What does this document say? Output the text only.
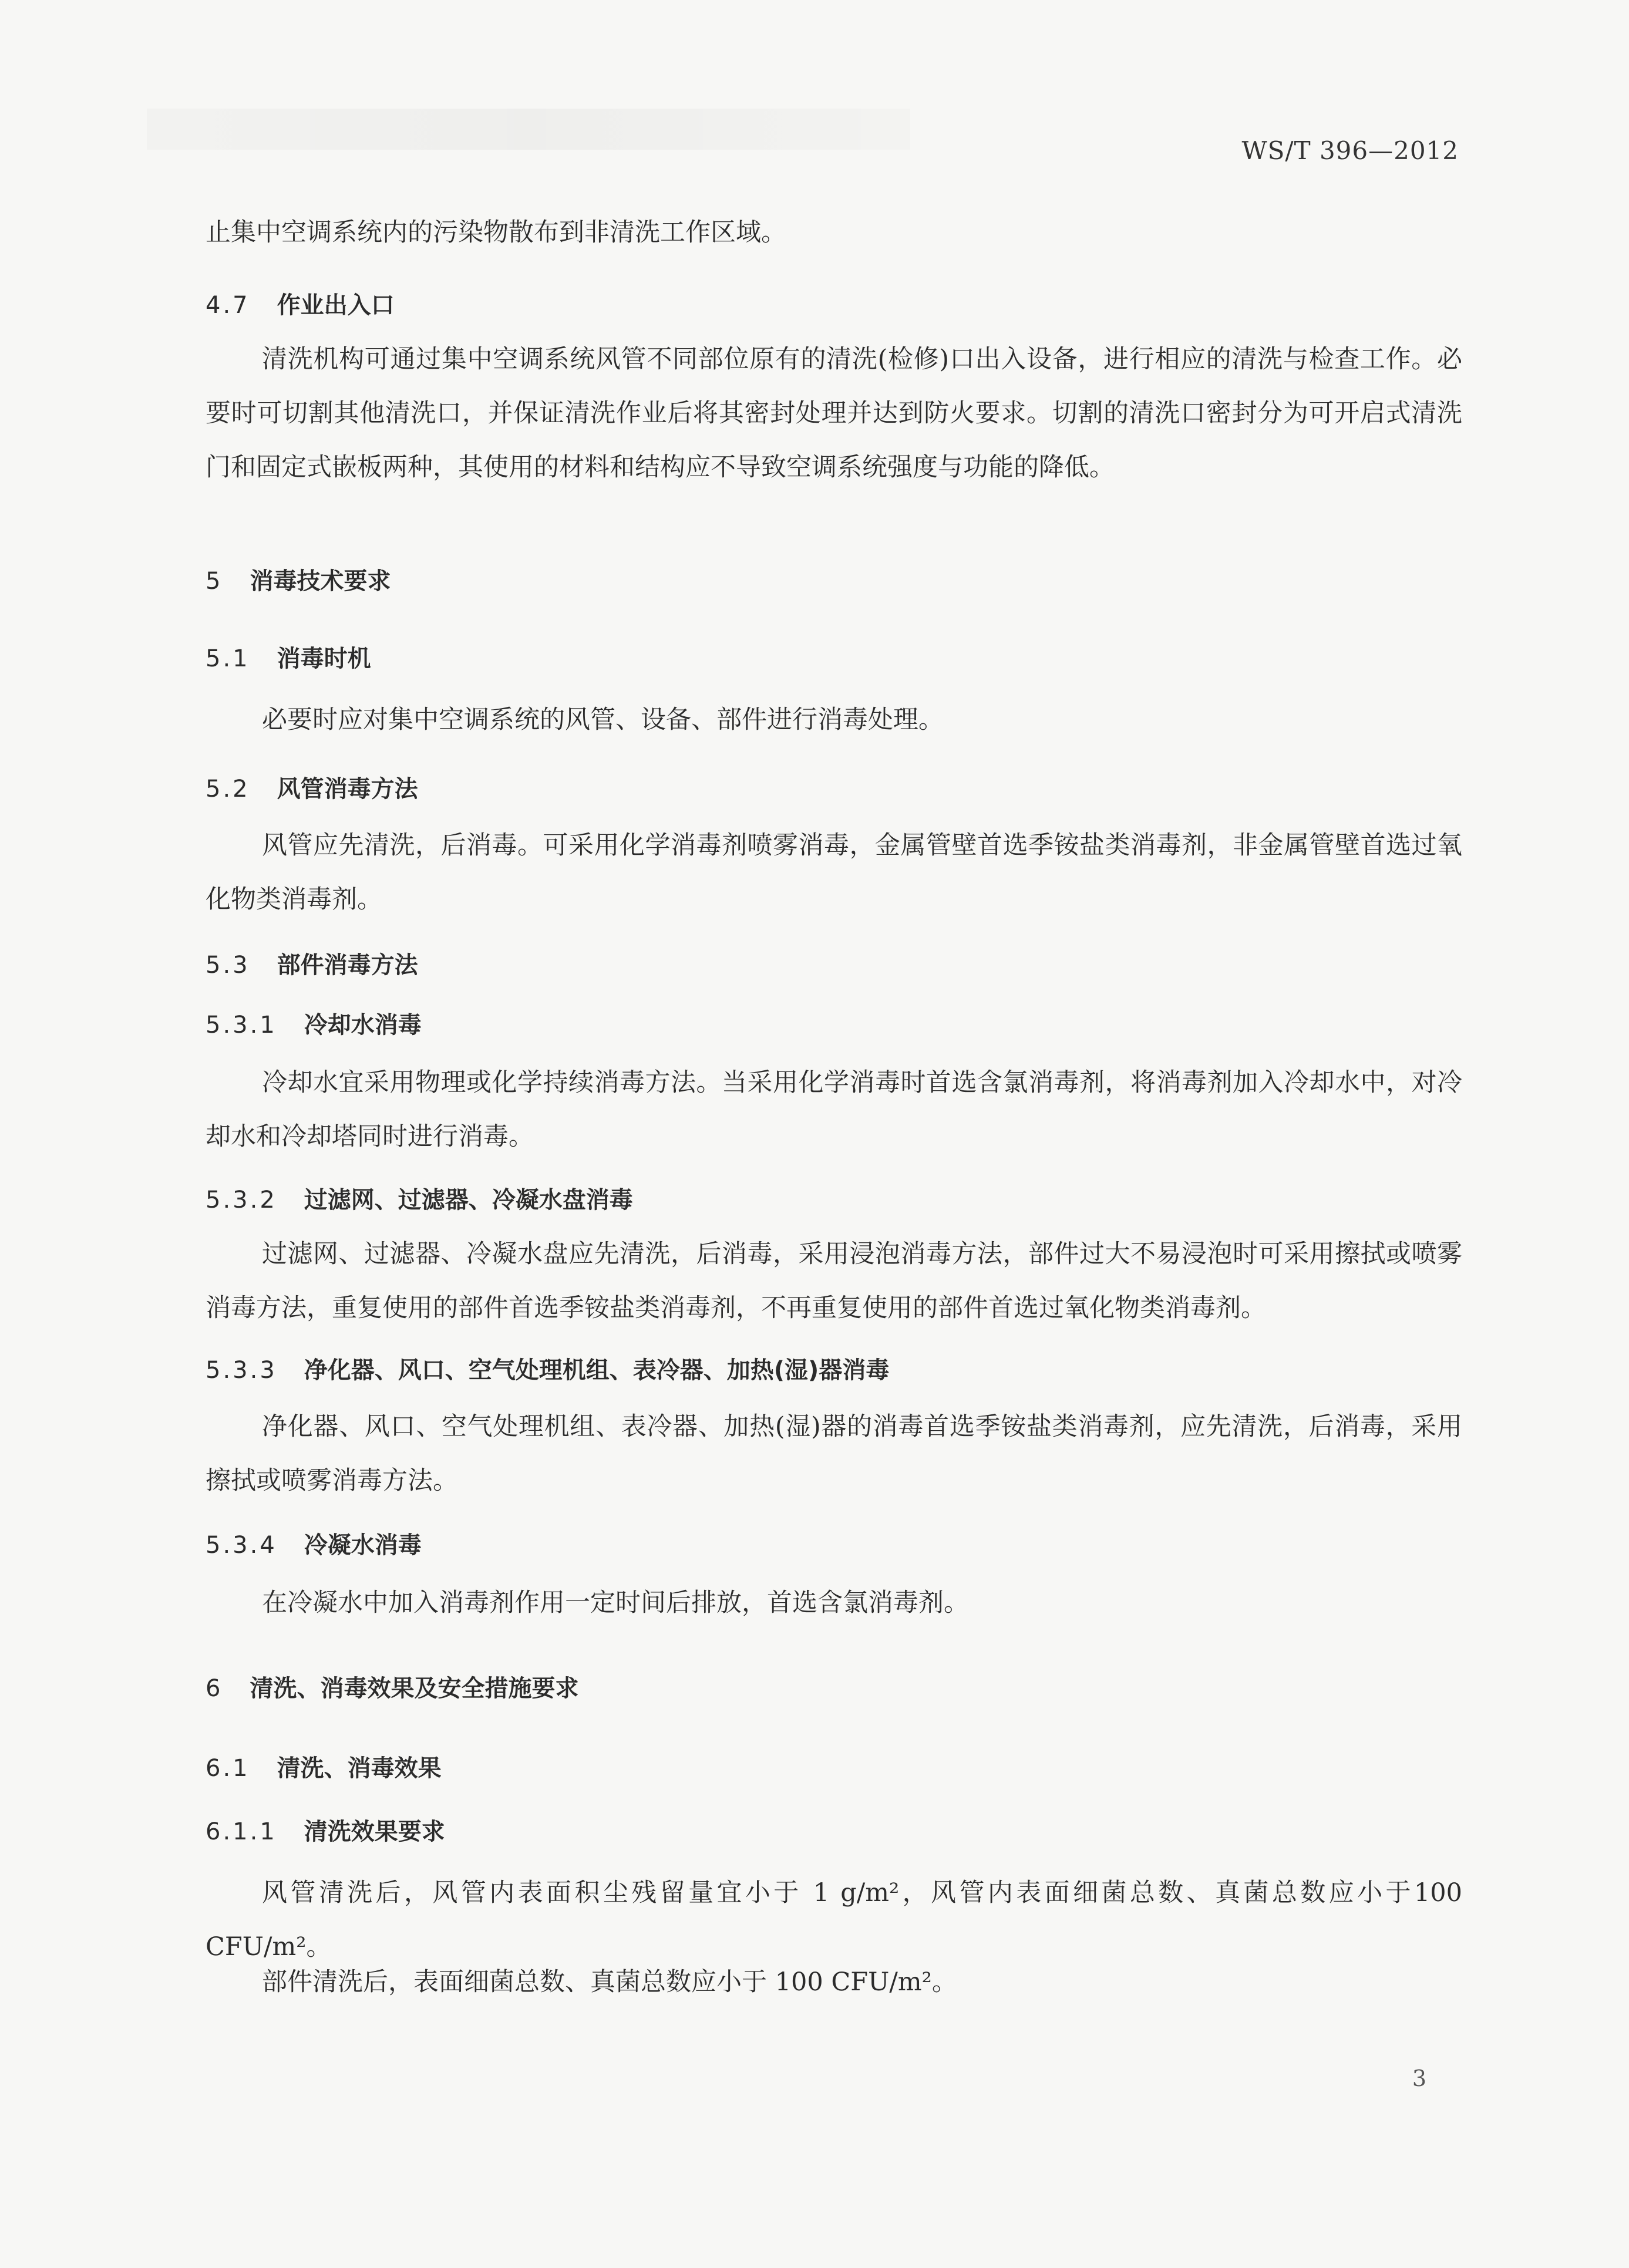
WS/T 396—2012
止集中空调系统内的污染物散布到非清洗工作区域。
4.7 作业出入口
清洗机构可通过集中空调系统风管不同部位原有的清洗(检修)口出入设备，进行相应的清洗与检查工作。必要时可切割其他清洗口，并保证清洗作业后将其密封处理并达到防火要求。切割的清洗口密封分为可开启式清洗门和固定式嵌板两种，其使用的材料和结构应不导致空调系统强度与功能的降低。
5 消毒技术要求
5.1 消毒时机
必要时应对集中空调系统的风管、设备、部件进行消毒处理。
5.2 风管消毒方法
风管应先清洗，后消毒。可采用化学消毒剂喷雾消毒，金属管壁首选季铵盐类消毒剂，非金属管壁首选过氧化物类消毒剂。
5.3 部件消毒方法
5.3.1 冷却水消毒
冷却水宜采用物理或化学持续消毒方法。当采用化学消毒时首选含氯消毒剂，将消毒剂加入冷却水中，对冷却水和冷却塔同时进行消毒。
5.3.2 过滤网、过滤器、冷凝水盘消毒
过滤网、过滤器、冷凝水盘应先清洗，后消毒，采用浸泡消毒方法，部件过大不易浸泡时可采用擦拭或喷雾消毒方法，重复使用的部件首选季铵盐类消毒剂，不再重复使用的部件首选过氧化物类消毒剂。
5.3.3 净化器、风口、空气处理机组、表冷器、加热(湿)器消毒
净化器、风口、空气处理机组、表冷器、加热(湿)器的消毒首选季铵盐类消毒剂，应先清洗，后消毒，采用擦拭或喷雾消毒方法。
5.3.4 冷凝水消毒
在冷凝水中加入消毒剂作用一定时间后排放，首选含氯消毒剂。
6 清洗、消毒效果及安全措施要求
6.1 清洗、消毒效果
6.1.1 清洗效果要求
风管清洗后，风管内表面积尘残留量宜小于 1 g/m²，风管内表面细菌总数、真菌总数应小于100 CFU/m²。
部件清洗后，表面细菌总数、真菌总数应小于 100 CFU/m²。
3
